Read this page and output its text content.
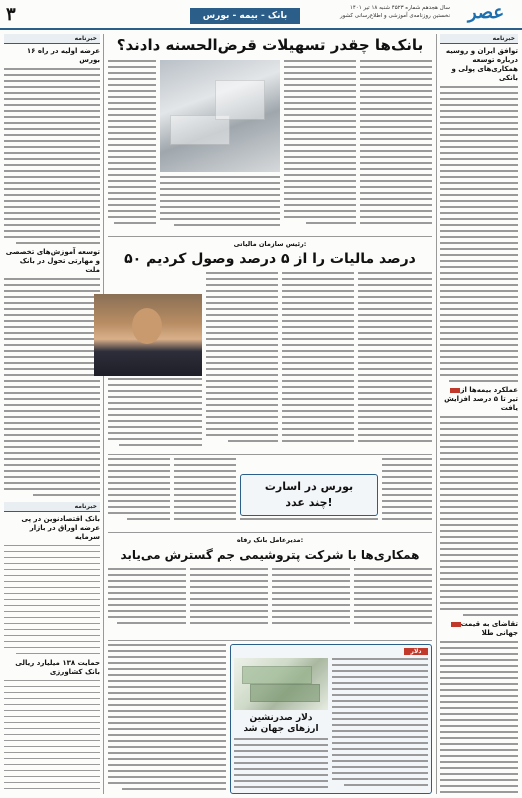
۳	بانک - بیمه - بورس
سال هجدهم شماره ۴۵۲۳ شنبه ۱۸ تیر ۱۴۰۱
نخستین روزنامه‌ی آموزشی و اطلاع‌رسانی کشور عصر
خبرنامه
۱۶ عرضه اولیه در راه بورس
توسعه آموزش‌های تخصصی و مهارتی تحول در بانک ملت
خبرنامه
بانک اقتصادنوین در پی عرضه اوراق در بازار سرمایه
حمایت ۱۳۸ میلیارد ریالی بانک کشاورزی
خبرنامه
توافق ایران و روسیه درباره توسعه همکاری‌های پولی و بانکی
عملکرد بیمه‌ها از تیر تا ۵ درصد افزایش یافت
تقاضای به قیمت جهانی طلا
بانک‌ها چقدر تسهیلات قرض‌الحسنه دادند؟
رئیس سازمان مالیاتی:
۵۰ درصد مالیات را از ۵ درصد وصول کردیم
بورس در اسارت
چند عدد!
مدیرعامل بانک رفاه:
همکاری‌ها با شرکت پتروشیمی جم گسترش می‌یابد
دلار
دلار صدرنشین
ارزهای جهان شد
